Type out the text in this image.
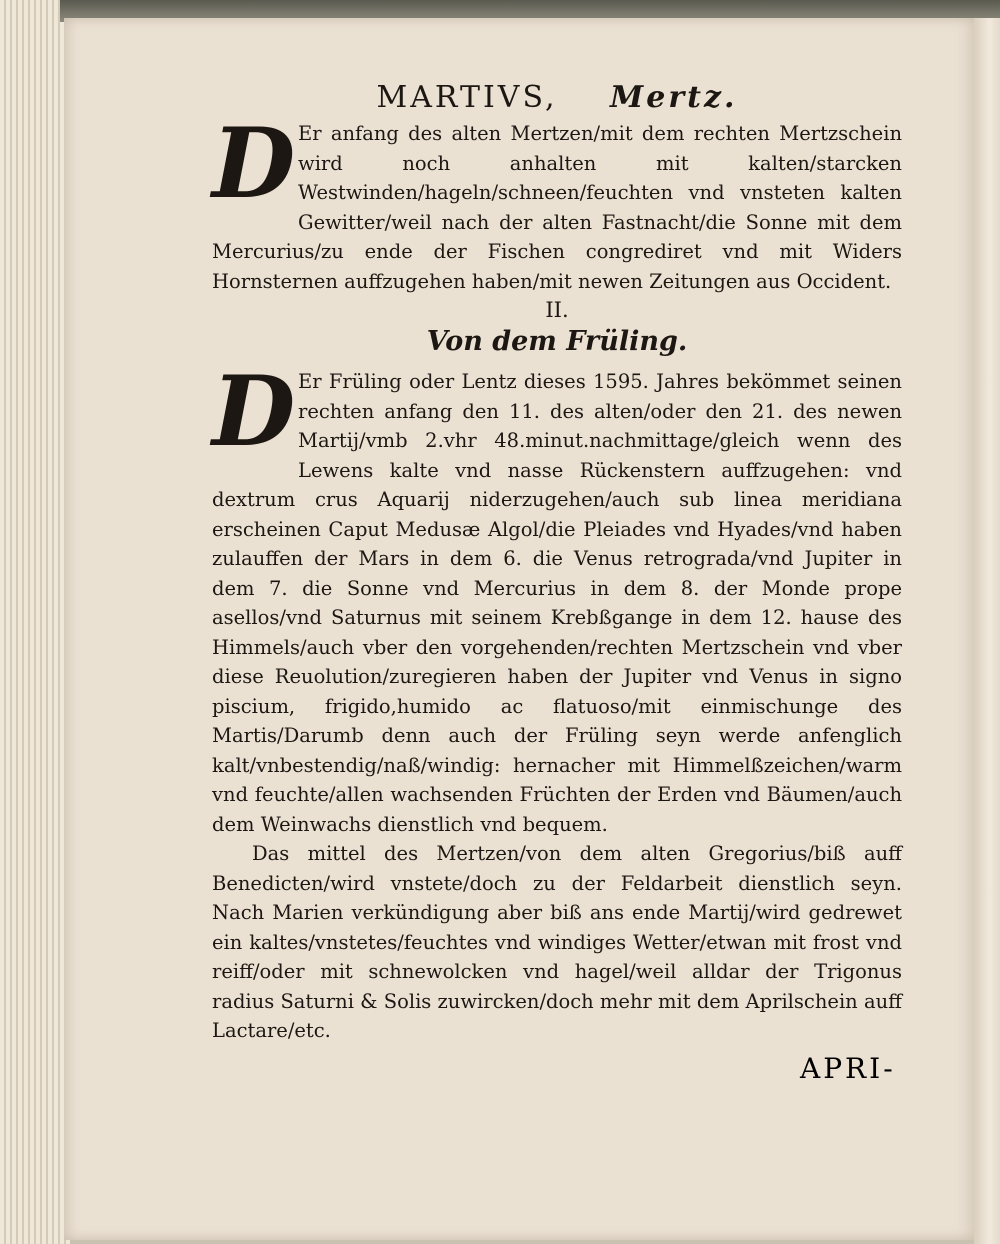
MARTIVS, Mertz.
D Er anfang des alten Mertzen/mit dem rechten Mertzschein wird noch anhalten mit kalten/starcken Westwinden/hageln/schneen/feuchten vnd vnsteten kalten Gewitter/weil nach der alten Fastnacht/die Sonne mit dem Mercurius/zu ende der Fischen congrediret vnd mit Widers Hornsternen auffzugehen haben/mit newen Zeitungen aus Occident.
II.
Von dem Früling.
D Er Früling oder Lentz dieses 1595. Jahres bekömmet seinen rechten anfang den 11. des alten/oder den 21. des newen Martij/vmb 2.vhr 48.minut.nachmittage/gleich wenn des Lewens kalte vnd nasse Rückenstern auffzugehen: vnd dextrum crus Aquarij niderzugehen/auch sub linea meridiana erscheinen Caput Medusæ Algol/die Pleiades vnd Hyades/vnd haben zulauffen der Mars in dem 6. die Venus retrograda/vnd Jupiter in dem 7. die Sonne vnd Mercurius in dem 8. der Monde prope asellos/vnd Saturnus mit seinem Krebßgange in dem 12. hause des Himmels/auch vber den vorgehenden/rechten Mertzschein vnd vber diese Reuolution/zuregieren haben der Jupiter vnd Venus in signo piscium, frigido,humido ac flatuoso/mit einmischunge des Martis/Darumb denn auch der Früling seyn werde anfenglich kalt/vnbestendig/naß/windig: hernacher mit Himmelßzeichen/warm vnd feuchte/allen wachsenden Früchten der Erden vnd Bäumen/auch dem Weinwachs dienstlich vnd bequem.
Das mittel des Mertzen/von dem alten Gregorius/biß auff Benedicten/wird vnstete/doch zu der Feldarbeit dienstlich seyn. Nach Marien verkündigung aber biß ans ende Martij/wird gedrewet ein kaltes/vnstetes/feuchtes vnd windiges Wetter/etwan mit frost vnd reiff/oder mit schnewolcken vnd hagel/weil alldar der Trigonus radius Saturni & Solis zuwircken/doch mehr mit dem Aprilschein auff Lactare/etc.
APRI-
